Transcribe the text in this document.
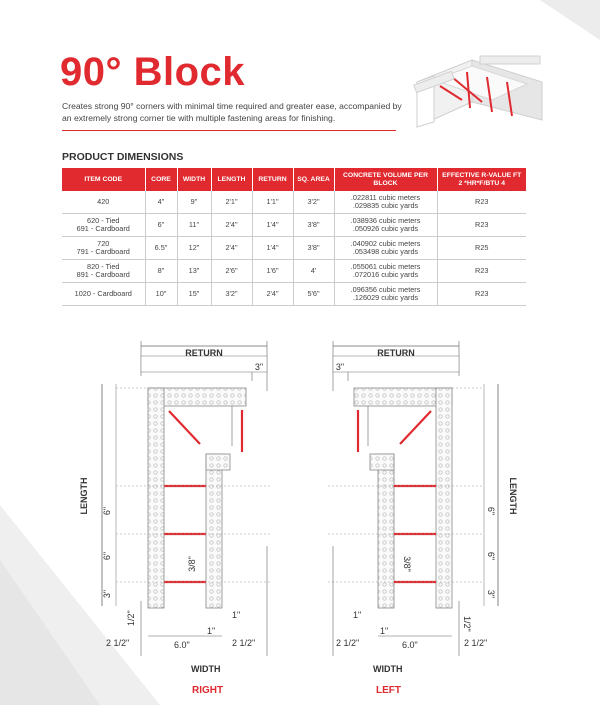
90° Block
Creates strong 90° corners with minimal time required and greater ease, accompanied by an extremely strong corner tie with multiple fastening areas for finishing.
PRODUCT DIMENSIONS
ITEM CODE	CORE	WIDTH	LENGTH	RETURN	SQ. AREA	CONCRETE VOLUME PER BLOCK	EFFECTIVE R-VALUE FT 2 *HR*F/BTU 4
420	4"	9"	2'1"	1'1"	3'2"	.022811 cubic meters
.029835 cubic yards	R23
620 - Tied
691 - Cardboard	6"	11"	2'4"	1'4"	3'8"	.038936 cubic meters
.050926 cubic yards	R23
720
791 - Cardboard	6.5"	12"	2'4"	1'4"	3'8"	.040902 cubic meters
.053498 cubic yards	R25
820 - Tied
891 - Cardboard	8"	13"	2'6"	1'6"	4'	.055061 cubic meters
.072016 cubic yards	R23
1020 - Cardboard	10"	15"	3'2"	2'4"	5'6"	.096356 cubic meters
.126029 cubic yards	R23
RETURN
3"
LENGTH 6"
6"
3"
3/8"
1"
1"
1/2"
2 1/2"	2 1/2"
6.0"
WIDTH
RIGHT
RETURN
3"
LENGTH
6"
6"
3"
3/8"
1"
1"	1/2"
2 1/2"	2 1/2"
6.0"
WIDTH
LEFT
